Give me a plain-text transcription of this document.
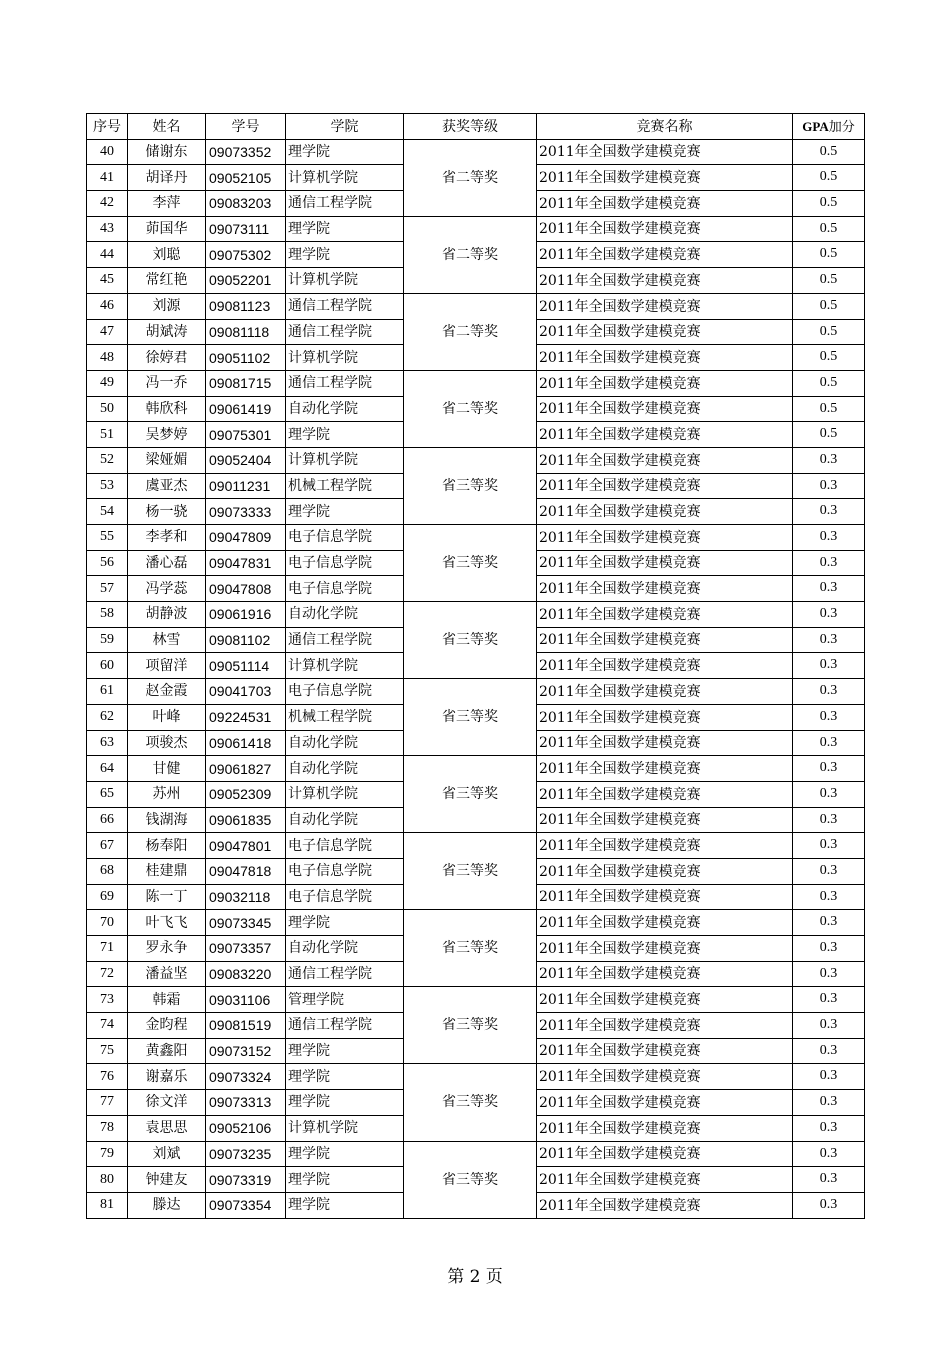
序号	姓名	学号	学院	获奖等级	竞赛名称	GPA加分
40	储谢东	09073352	理学院	省二等奖	2011年全国数学建模竞赛	0.5
41	胡译丹	09052105	计算机学院		2011年全国数学建模竞赛	0.5
42	李萍	09083203	通信工程学院		2011年全国数学建模竞赛	0.5
43	茆国华	09073111	理学院	省二等奖	2011年全国数学建模竞赛	0.5
44	刘聪	09075302	理学院		2011年全国数学建模竞赛	0.5
45	常红艳	09052201	计算机学院		2011年全国数学建模竞赛	0.5
46	刘源	09081123	通信工程学院	省二等奖	2011年全国数学建模竞赛	0.5
47	胡斌涛	09081118	通信工程学院		2011年全国数学建模竞赛	0.5
48	徐婷君	09051102	计算机学院		2011年全国数学建模竞赛	0.5
49	冯一乔	09081715	通信工程学院	省二等奖	2011年全国数学建模竞赛	0.5
50	韩欣科	09061419	自动化学院		2011年全国数学建模竞赛	0.5
51	吴梦婷	09075301	理学院		2011年全国数学建模竞赛	0.5
52	梁娅媚	09052404	计算机学院	省三等奖	2011年全国数学建模竞赛	0.3
53	虞亚杰	09011231	机械工程学院		2011年全国数学建模竞赛	0.3
54	杨一骁	09073333	理学院		2011年全国数学建模竞赛	0.3
55	李孝和	09047809	电子信息学院	省三等奖	2011年全国数学建模竞赛	0.3
56	潘心磊	09047831	电子信息学院		2011年全国数学建模竞赛	0.3
57	冯学蕊	09047808	电子信息学院		2011年全国数学建模竞赛	0.3
58	胡静波	09061916	自动化学院	省三等奖	2011年全国数学建模竞赛	0.3
59	林雪	09081102	通信工程学院		2011年全国数学建模竞赛	0.3
60	项留洋	09051114	计算机学院		2011年全国数学建模竞赛	0.3
61	赵金霞	09041703	电子信息学院	省三等奖	2011年全国数学建模竞赛	0.3
62	叶峰	09224531	机械工程学院		2011年全国数学建模竞赛	0.3
63	项骏杰	09061418	自动化学院		2011年全国数学建模竞赛	0.3
64	甘健	09061827	自动化学院	省三等奖	2011年全国数学建模竞赛	0.3
65	苏州	09052309	计算机学院		2011年全国数学建模竞赛	0.3
66	钱湖海	09061835	自动化学院		2011年全国数学建模竞赛	0.3
67	杨奉阳	09047801	电子信息学院	省三等奖	2011年全国数学建模竞赛	0.3
68	桂建鼎	09047818	电子信息学院		2011年全国数学建模竞赛	0.3
69	陈一丁	09032118	电子信息学院		2011年全国数学建模竞赛	0.3
70	叶飞飞	09073345	理学院	省三等奖	2011年全国数学建模竞赛	0.3
71	罗永争	09073357	自动化学院		2011年全国数学建模竞赛	0.3
72	潘益坚	09083220	通信工程学院		2011年全国数学建模竞赛	0.3
73	韩霜	09031106	管理学院	省三等奖	2011年全国数学建模竞赛	0.3
74	金昀程	09081519	通信工程学院		2011年全国数学建模竞赛	0.3
75	黄鑫阳	09073152	理学院		2011年全国数学建模竞赛	0.3
76	谢嘉乐	09073324	理学院	省三等奖	2011年全国数学建模竞赛	0.3
77	徐文洋	09073313	理学院		2011年全国数学建模竞赛	0.3
78	袁思思	09052106	计算机学院		2011年全国数学建模竞赛	0.3
79	刘斌	09073235	理学院	省三等奖	2011年全国数学建模竞赛	0.3
80	钟建友	09073319	理学院		2011年全国数学建模竞赛	0.3
81	滕达	09073354	理学院		2011年全国数学建模竞赛	0.3
第 2 页
